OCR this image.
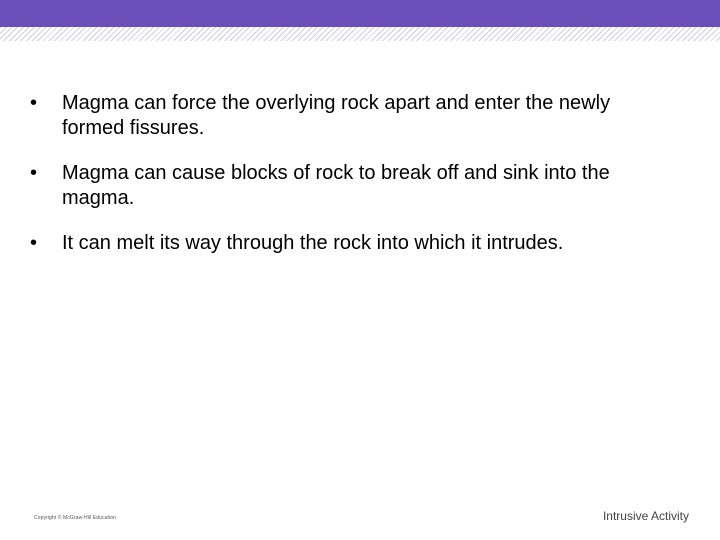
• Magma can force the overlying rock apart and enter the newly formed fissures.
• Magma can cause blocks of rock to break off and sink into the magma.
• It can melt its way through the rock into which it intrudes.
Copyright © McGraw-Hill Education	Intrusive Activity
